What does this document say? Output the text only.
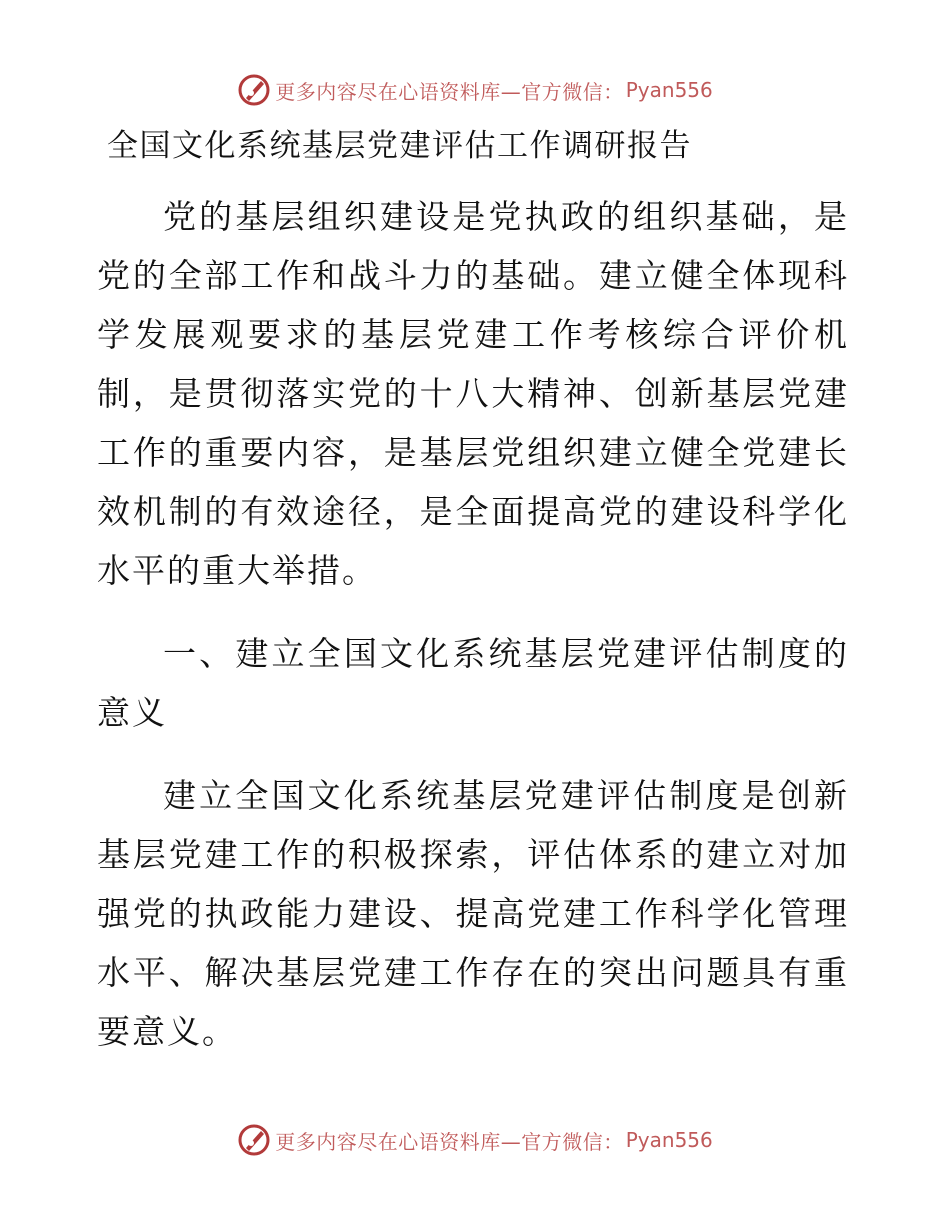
更多内容尽在心语资料库—官方微信： Pyan556
全国文化系统基层党建评估工作调研报告

党的基层组织建设是党执政的组织基础，是党的全部工作和战斗力的基础。建立健全体现科学发展观要求的基层党建工作考核综合评价机制，是贯彻落实党的十八大精神、创新基层党建工作的重要内容，是基层党组织建立健全党建长效机制的有效途径，是全面提高党的建设科学化水平的重大举措。

一、建立全国文化系统基层党建评估制度的意义

建立全国文化系统基层党建评估制度是创新基层党建工作的积极探索，评估体系的建立对加强党的执政能力建设、提高党建工作科学化管理水平、解决基层党建工作存在的突出问题具有重要意义。

更多内容尽在心语资料库—官方微信： Pyan556
